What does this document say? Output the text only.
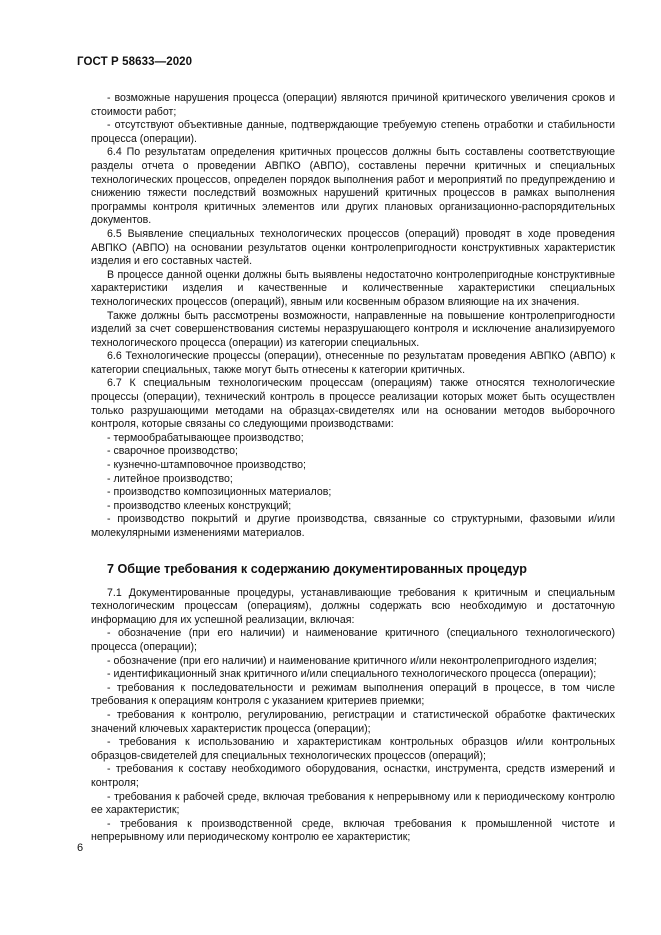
ГОСТ Р 58633—2020

- возможные нарушения процесса (операции) являются причиной критического увеличения сроков и стоимости работ;

- отсутствуют объективные данные, подтверждающие требуемую степень отработки и стабильности процесса (операции).

6.4 По результатам определения критичных процессов должны быть составлены соответствующие разделы отчета о проведении АВПКО (АВПО), составлены перечни критичных и специальных технологических процессов, определен порядок выполнения работ и мероприятий по предупреждению и снижению тяжести последствий возможных нарушений критичных процессов в рамках выполнения программы контроля критичных элементов или других плановых организационно-распорядительных документов.

6.5 Выявление специальных технологических процессов (операций) проводят в ходе проведения АВПКО (АВПО) на основании результатов оценки контролепригодности конструктивных характеристик изделия и его составных частей.

В процессе данной оценки должны быть выявлены недостаточно контролепригодные конструктивные характеристики изделия и качественные и количественные характеристики специальных технологических процессов (операций), явным или косвенным образом влияющие на их значения.

Также должны быть рассмотрены возможности, направленные на повышение контролепригодности изделий за счет совершенствования системы неразрушающего контроля и исключение анализируемого технологического процесса (операции) из категории специальных.

6.6 Технологические процессы (операции), отнесенные по результатам проведения АВПКО (АВПО) к категории специальных, также могут быть отнесены к категории критичных.

6.7 К специальным технологическим процессам (операциям) также относятся технологические процессы (операции), технический контроль в процессе реализации которых может быть осуществлен только разрушающими методами на образцах-свидетелях или на основании методов выборочного контроля, которые связаны со следующими производствами:

- термообрабатывающее производство;

- сварочное производство;

- кузнечно-штамповочное производство;

- литейное производство;

- производство композиционных материалов;

- производство клееных конструкций;

- производство покрытий и другие производства, связанные со структурными, фазовыми и/или молекулярными изменениями материалов.

7 Общие требования к содержанию документированных процедур

7.1 Документированные процедуры, устанавливающие требования к критичным и специальным технологическим процессам (операциям), должны содержать всю необходимую и достаточную информацию для их успешной реализации, включая:

- обозначение (при его наличии) и наименование критичного (специального технологического) процесса (операции);

- обозначение (при его наличии) и наименование критичного и/или неконтролепригодного изделия;

- идентификационный знак критичного и/или специального технологического процесса (операции);

- требования к последовательности и режимам выполнения операций в процессе, в том числе требования к операциям контроля с указанием критериев приемки;

- требования к контролю, регулированию, регистрации и статистической обработке фактических значений ключевых характеристик процесса (операции);

- требования к использованию и характеристикам контрольных образцов и/или контрольных образцов-свидетелей для специальных технологических процессов (операций);

- требования к составу необходимого оборудования, оснастки, инструмента, средств измерений и контроля;

- требования к рабочей среде, включая требования к непрерывному или к периодическому контролю ее характеристик;

- требования к производственной среде, включая требования к промышленной чистоте и непрерывному или периодическому контролю ее характеристик;

6
